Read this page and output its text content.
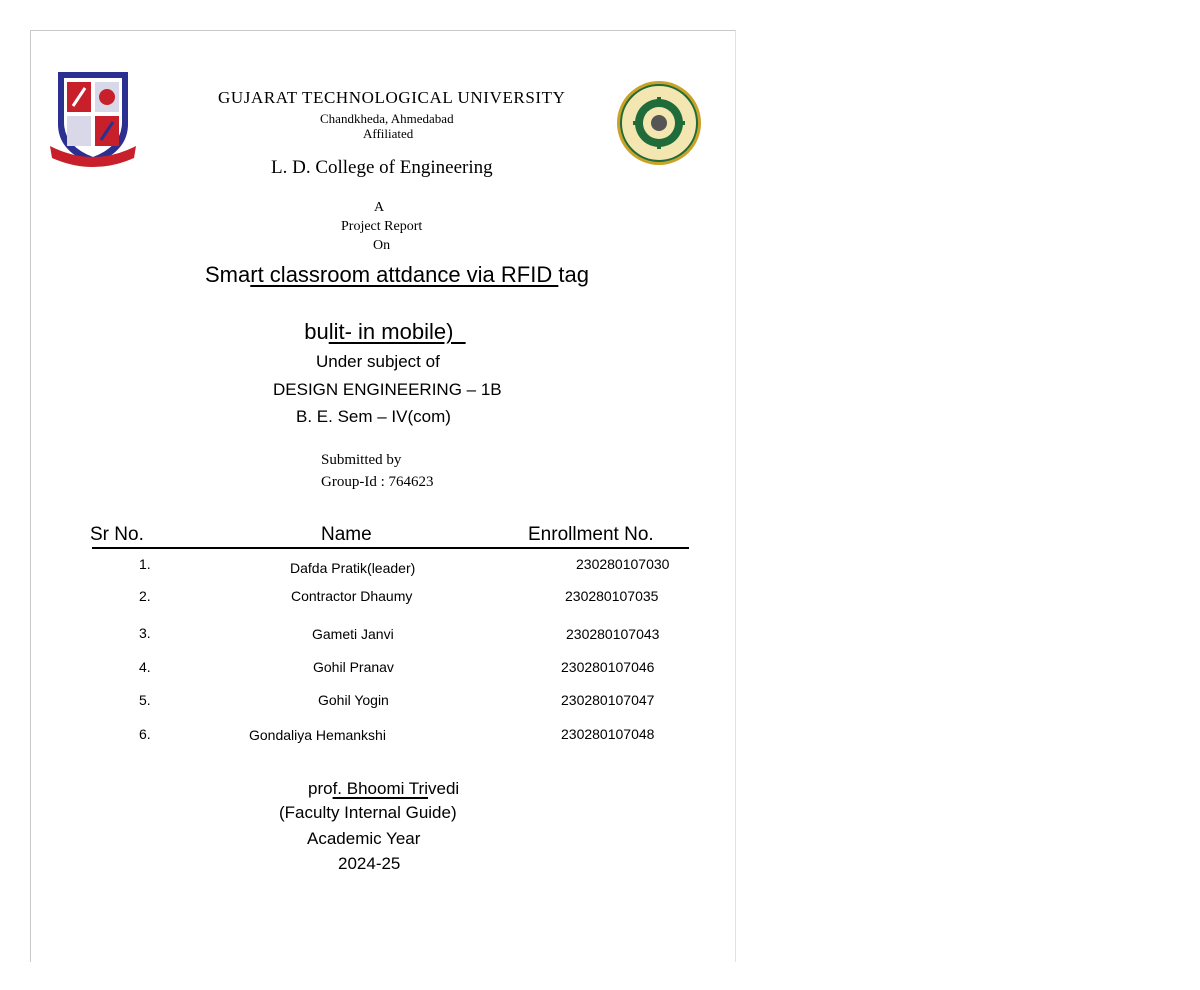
GUJARAT TECHNOLOGICAL UNIVERSITY
Chandkheda, Ahmedabad
Affiliated
L. D. College of Engineering
A
Project Report
On
Smart classroom attdance via RFID tag

bulit- in mobile)

Under subject of
DESIGN ENGINEERING – 1B
B. E. Sem – IV(com)
Submitted by
Group-Id : 764623
Sr No.	Name	Enrollment No.
1.	Dafda Pratik(leader)	230280107030
2.	Contractor Dhaumy	230280107035
3.	Gameti Janvi	230280107043
4.	Gohil Pranav	230280107046
5.	Gohil Yogin	230280107047
6.	Gondaliya Hemankshi	230280107048
prof. Bhoomi Trivedi
(Faculty Internal Guide)
Academic Year
2024-25
